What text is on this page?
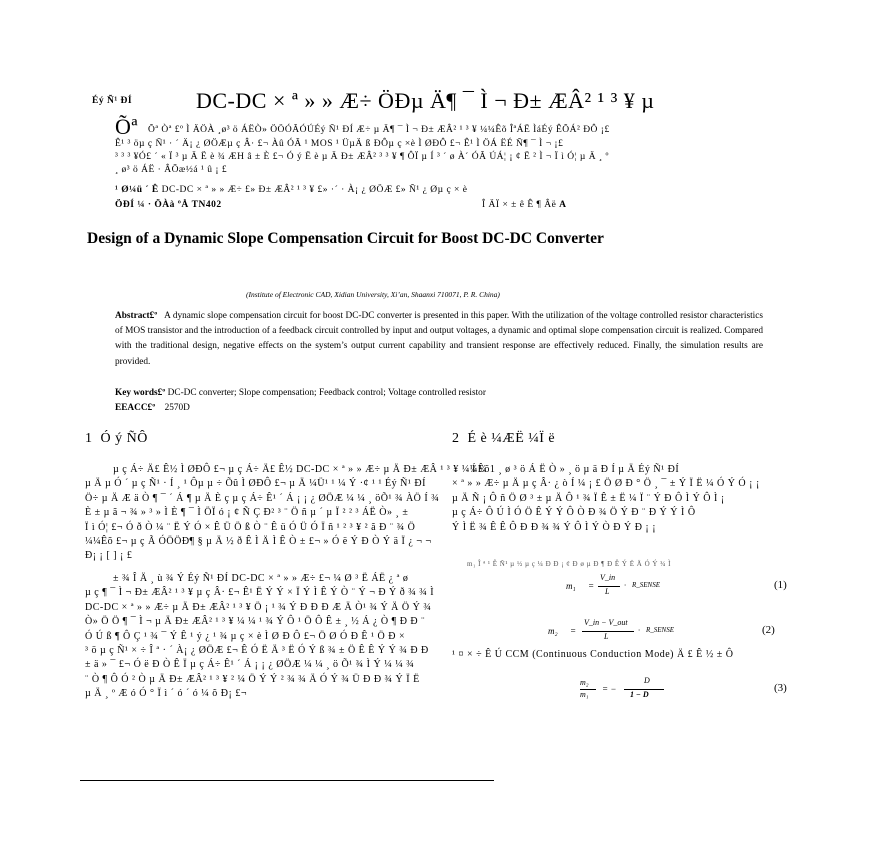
Éý Ñ¹ ÐÍ	DC-DC × ª » » Æ÷ ÖÐµ Ä¶ ¯ Ì ¬ Ð± ÆÂ² ¹ ³ ¥ µ
Õª Õª Òª £º Ì ÄÖÀ ¸ø³ ö ÁËÒ» ÖÖÓÃÓÚÉý Ñ¹ ÐÍ Æ÷ µ Ä¶ ¯ Ì ¬ Ð± ÆÂ² ¹ ³ ¥ ¼¼Êõ ÎªÁË ÌáÉý ÊÕÁ² ÐÔ ¡£
Ê¹ ³ öµ ç Ñ¹ · ´ Ä¡ ¿ ØÖÆµ ç Â· £¬ Àû ÓÃ ¹ MOS ¹ ÜµÄ ß ÐÔµ ç ×è Ì ØÐÔ £¬ Ê¹ Ì ÖÁ ËÉ Ñ¶ ¯ Ì ¬ ¡£
³ ³ ³ ¥Ó£ ´ « Ï ³ µ Ä Ë è ¾ ÆH â ± È £¬ Ó ý Ë è µ Ä Ð± ÆÂ² ³ ³ ¥ ¶ ÔÏ µ Í ³ ´ ø À´ ÓÃ ÚÁ¦ ¡ ¢ Ë ² Ì ¬ Ï ì Ó¦ µ Ä ¸ º
¸ ø³ ö ÁË · ÂÕæ½á ¹ û ¡ £
¹ Ø¼ü ´ Ê DC-DC × ª » » Æ÷ £» Ð± ÆÂ² ¹ ³ ¥ £» ·´ · À¡ ¿ ØÖÆ £» Ñ¹ ¿ Øµ ç × è
ÖÐÍ ¼ · ÖÀà ºÅ TN402	Î ÄÏ × ± ê Ê ¶ Âë A
Design of a Dynamic Slope Compensation Circuit for Boost DC-DC Converter
(Institute of Electronic CAD, Xidian University, Xi’an, Shaanxi 710071, P. R. China)
Abstract£º A dynamic slope compensation circuit for boost DC-DC converter is presented in this paper. With the utilization of the voltage controlled resistor characteristics of MOS transistor and the introduction of a feedback circuit controlled by input and output voltages, a dynamic and optimal slope compensation circuit is realized. Compared with the traditional design, negative effects on the system’s output current capability and transient response are effectively reduced. Finally, the simulation results are provided.
Key words£º DC-DC converter; Slope compensation; Feedback control; Voltage controlled resistor
EEACC£º 2570D
1 Ó ý ÑÔ	2 É è ¼ÆË ¼Ï ë
µ ç Á÷ Ä£ Ê½ Ì ØÐÔ £¬ µ ç Á÷ Ä£ Ê½ DC-DC × ª » » Æ÷ µ Ä Ð± ÆÂ ¹ ³ ¥ ¼¼Êõ
µ Ä µ Ó ´ µ ç Ñ¹ · Í ¸ ¹ Ôµ µ ÷ Õû Ì ØÐÔ £¬ µ Ä ¼Ü¹ ¹ ¼ Ý ·¢ ¹ ¹ Éý Ñ¹ ÐÍ
Ö÷ µ Ä Æ ä Ò ¶ ¯ ´ Á ¶ µ Ä È ç µ ç Á÷ Ê¹ ´ Á ¡ ¡ ¿ ØÖÆ ¼ ¼ ¸ öÕ¹ ¾ ÀÖ Í ¾
È ± µ ã ¬ ¾ » ³ » Ì È ¶ ¯ Ì ÖÏ ó ¡ ¢ Ñ Ç Ð² ³ ¨ Ö ñ µ ´ µ Ï ² ² ³ ÁË Ò» ¸ ±
Ï ì Ó¦ £¬ Ó ð Ò ¼ ¨ Ë Ý Ó × Ê Ü Ö ß Ò ¨ Ê ü Ó Ü Ó Ï ñ ¹ ² ³ ¥ ² ã Ð ¨ ¾ Ö
¼¼Êõ £¬ µ ç Ã ÓÖÖÐ¶ § µ Ä ½ ð Ê Ì Ä Ì Ê Ò ± £¬ » Ó ë Ý Ð Ò Ý ä Ï ¿ ¬ ¬
Ð¡ ¡ [ ] ¡ £
± ¾ Î Ä ¸ ù ¾ Ý Éý Ñ¹ ÐÍ DC-DC × ª » » Æ÷ £¬ ¼ Ø ³ Ë ÁË ¿ ª ø
µ ç ¶ ¯ Ì ¬ Ð± ÆÂ² ¹ ³ ¥ µ ç Â· £¬ Ê¹ Ë Ý Ý × Ï Ý Ì Ê Ý Ò ¨ Ý ¬ Ð Ý ð ¾ ¾ Ì
DC-DC × ª » » Æ÷ µ Ä Ð± ÆÂ² ¹ ³ ¥ Ö ¡ ¹ ¾ Ý Ð Ð Ð Æ Ä Ò¹ ¾ Ý Ä Ö Ý ¾
Ò» Ö Ö ¶ ¯ Ì ¬ µ Ä Ð± ÆÂ² ¹ ³ ¥ ¼ ¼ ¹ ¾ Ý Ô ¹ Ö Ô Ê ± ¸ ½ Á ¿ Ò ¶ Ð Ð ¨
Ó Ú ß ¶ Ô Ç ¹ ¾ ¯ Ý Ê ¹ ý ¿ ¹ ¾ µ ç × è Ì Ø Ð Ô £¬ Ö Ø Ó Ð Ê ¹ Ö Ð ×
³ ö µ ç Ñ¹ × ÷ Î ª · ´ À¡ ¿ ØÖÆ £¬ Ê Ó Ë Ä ³ Ë Ó Ý ß ¾ ± Ö Ê Ê Ý Ý ¾ Ð Ð
± ä » ¯ £¬ Ó ë Ð Ò Ê Ï µ ç Á÷ Ê¹ ´ Á ¡ ¡ ¿ ØÖÆ ¼ ¼ ¸ ö Õ¹ ¾ Ì Ý ¼ ¼ ¾
¨ Ò ¶ Ô Ó ² Ò µ Ä Ð± ÆÂ² ¹ ³ ¥ ² ¼ Ö Ý Ý ² ¾ ¾ Ä Ó Ý ¾ Ü Ð Ð ¾ Ý Ï Ë
µ Ä ¸ º Æ ó Ó ° Ï ì ´ ó ´ ó ¼ õ Ð¡ £¬
Í ¼ 1 ¸ ø ³ ö Á Ë Ò » ¸ ö µ ä Ð Í µ Ä Éý Ñ¹ ÐÍ
× ª » » Æ÷ µ Ä µ ç Â· ¿ ò Í ¼ ¡ £ Ö Ø Ð ° Ö ¸ ¯ ± Ý Ï Ë ¼ Ó Ý Ó ¡ ¡
µ Ä Ñ ¡ Ô ñ Ö Ø ³ ± µ Ä Ô ¹ ¾ Ï Ê ± Ë ¼ Ï ¨ Ý Ð Ô Ì Ý Ô Ì ¡
µ ç Á÷ Ô Ú Ì Ó Ö Ê Ý Ý Ô Ò Ð ¾ Ö Ý Ð ¨ Ð Ý Ý Ì Ô
Ý Ì Ë ¾ Ê Ê Ô Ð Ð ¾ ¾ Ý Ô Ì Ý Ò Ð Ý Ð ¡ ¡
m₁ Î ª ¹ Ê Ñ¹ µ ½ µ ç ¼ Ð Ð ¡ ¢ Ð ø µ Ð ¶ Ð Ê Ý Ë Ä Ó Ý ¾ Ì
m₁ =
V_in
L
· R_SENSE	(1)
m₂ =
V_in − V_out
L
· R_SENSE	(2)
¹ ¤ × ÷ Ê Ú CCM (Continuous Conduction Mode) Ä £ Ê ½ ± Ô
m₂
m₁
= −
D
1 − D
(3)
